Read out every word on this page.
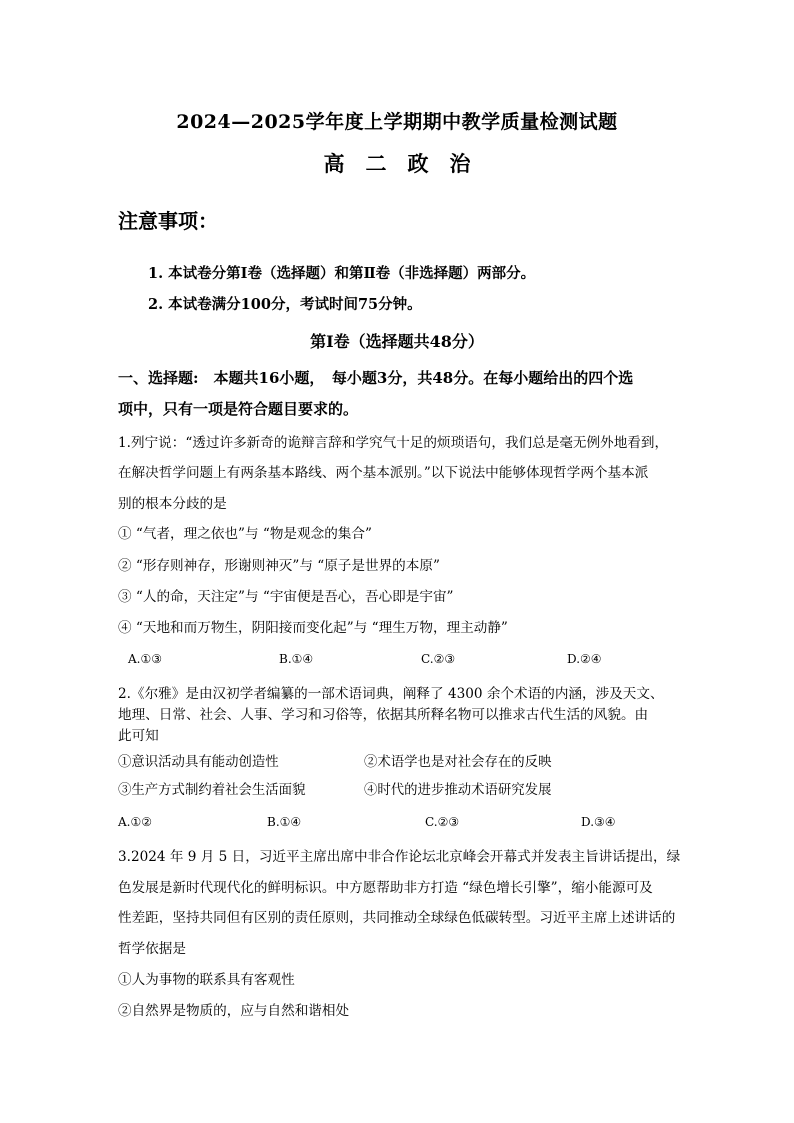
2024—2025学年度上学期期中教学质量检测试题
高　二　政　治
注意事项：
1. 本试卷分第Ⅰ卷（选择题）和第Ⅱ卷（非选择题）两部分。
2. 本试卷满分100分，考试时间75分钟。
第Ⅰ卷（选择题共48分）
一、选择题:　本题共16小题，　每小题3分，共48分。在每小题给出的四个选
项中，只有一项是符合题目要求的。
1.列宁说：“透过许多新奇的诡辩言辞和学究气十足的烦琐语句，我们总是毫无例外地看到，
在解决哲学问题上有两条基本路线、两个基本派别。”以下说法中能够体现哲学两个基本派
别的根本分歧的是
① “气者，理之依也”与 “物是观念的集合”
② “形存则神存，形谢则神灭”与 “原子是世界的本原”
③ “人的命，天注定”与 “宇宙便是吾心，吾心即是宇宙”
④ “天地和而万物生，阴阳接而变化起”与 “理生万物，理主动静”
A.①③	B.①④	C.②③	D.②④
2.《尔雅》是由汉初学者编纂的一部术语词典，阐释了 4300 余个术语的内涵，涉及天文、
地理、日常、社会、人事、学习和习俗等，依据其所释名物可以推求古代生活的风貌。由
此可知
①意识活动具有能动创造性	②术语学也是对社会存在的反映
③生产方式制约着社会生活面貌	④时代的进步推动术语研究发展
A.①②	B.①④	C.②③	D.③④
3.2024 年 9 月 5 日，习近平主席出席中非合作论坛北京峰会开幕式并发表主旨讲话提出，绿
色发展是新时代现代化的鲜明标识。中方愿帮助非方打造 “绿色增长引擎”，缩小能源可及
性差距，坚持共同但有区别的责任原则，共同推动全球绿色低碳转型。习近平主席上述讲话的
哲学依据是
①人为事物的联系具有客观性
②自然界是物质的，应与自然和谐相处
